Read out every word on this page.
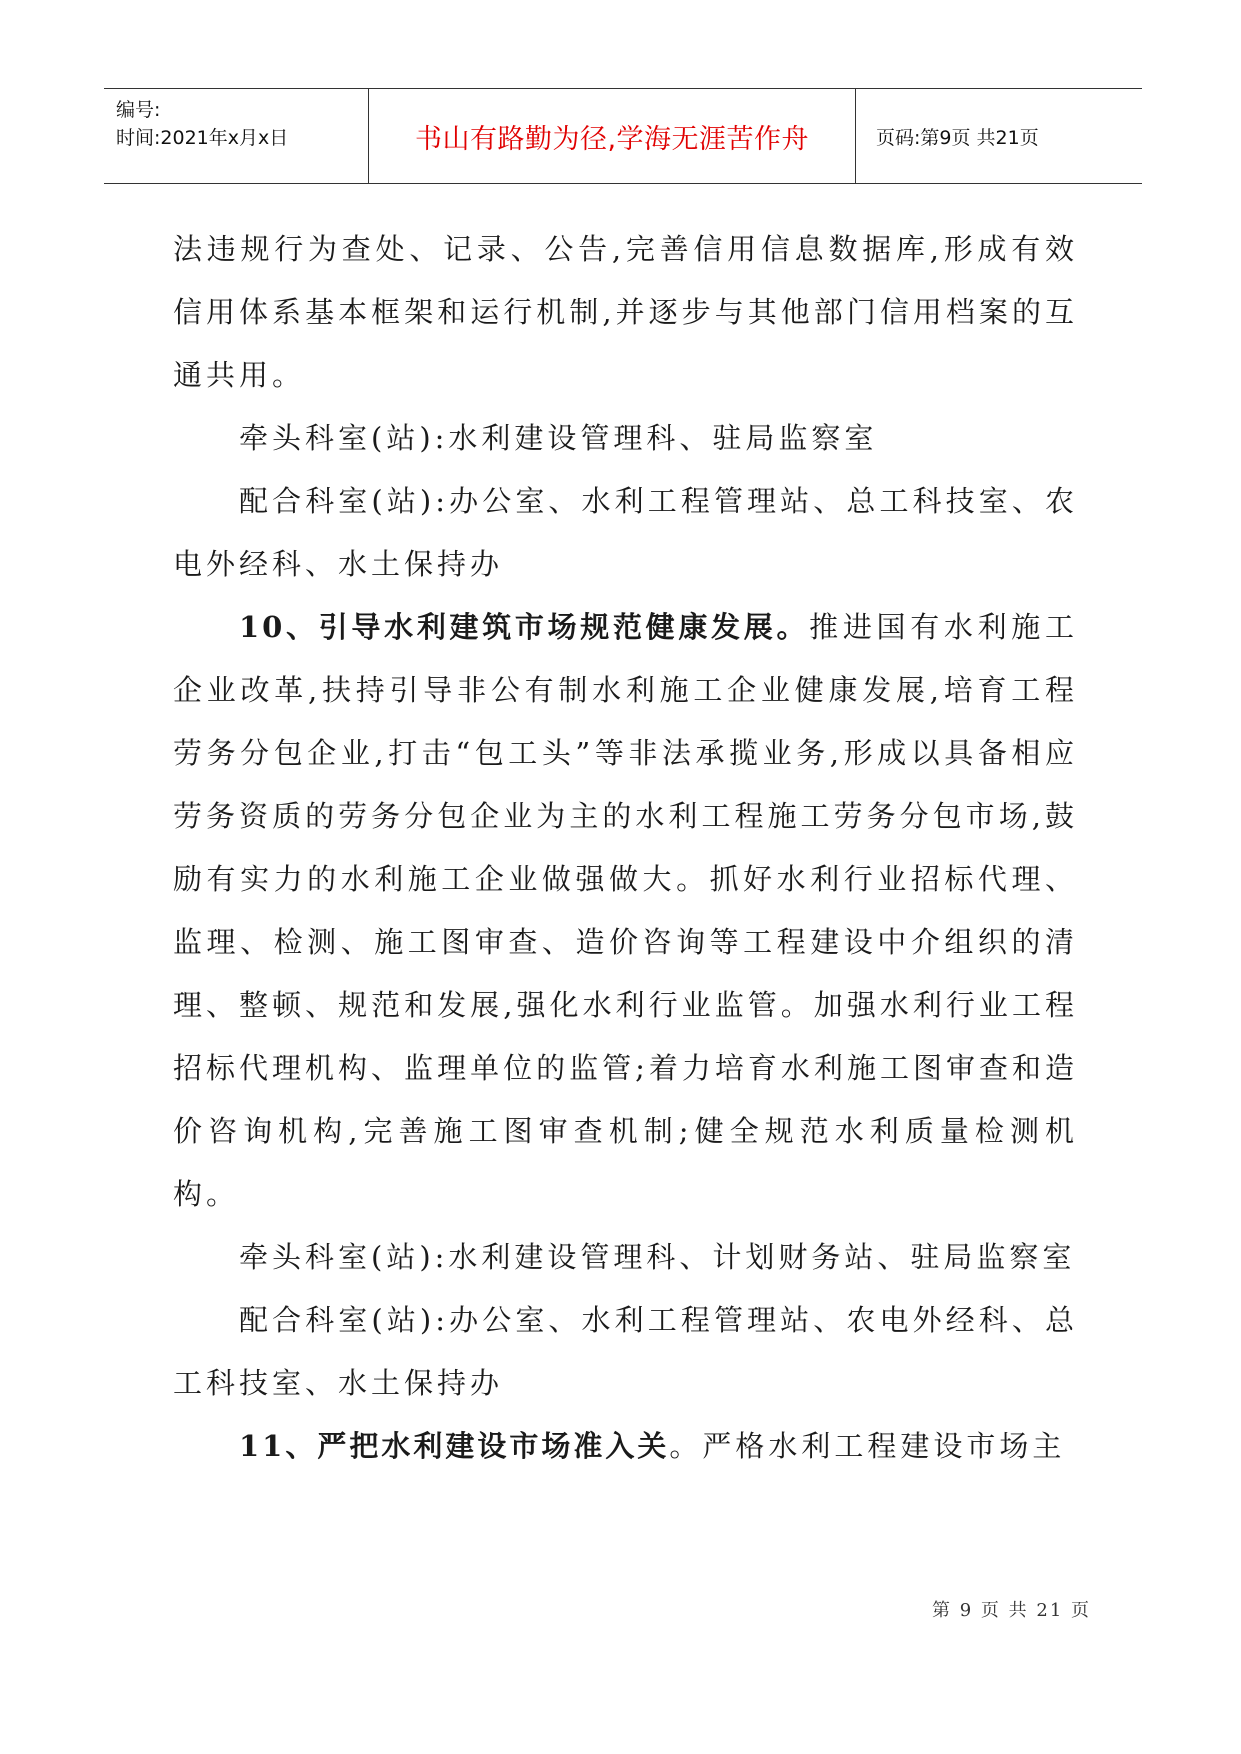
编号:
时间:2021年x月x日	书山有路勤为径,学海无涯苦作舟	页码:第9页 共21页

法违规行为查处、记录、公告,完善信用信息数据库,形成有效信用体系基本框架和运行机制,并逐步与其他部门信用档案的互通共用。

牵头科室(站):水利建设管理科、驻局监察室

配合科室(站):办公室、水利工程管理站、总工科技室、农电外经科、水土保持办

10、引导水利建筑市场规范健康发展。推进国有水利施工企业改革,扶持引导非公有制水利施工企业健康发展,培育工程劳务分包企业,打击“包工头”等非法承揽业务,形成以具备相应劳务资质的劳务分包企业为主的水利工程施工劳务分包市场,鼓励有实力的水利施工企业做强做大。抓好水利行业招标代理、监理、检测、施工图审查、造价咨询等工程建设中介组织的清理、整顿、规范和发展,强化水利行业监管。加强水利行业工程招标代理机构、监理单位的监管;着力培育水利施工图审查和造价咨询机构,完善施工图审查机制;健全规范水利质量检测机构。

牵头科室(站):水利建设管理科、计划财务站、驻局监察室

配合科室(站):办公室、水利工程管理站、农电外经科、总工科技室、水土保持办

11、严把水利建设市场准入关。严格水利工程建设市场主

第 9 页 共 21 页
